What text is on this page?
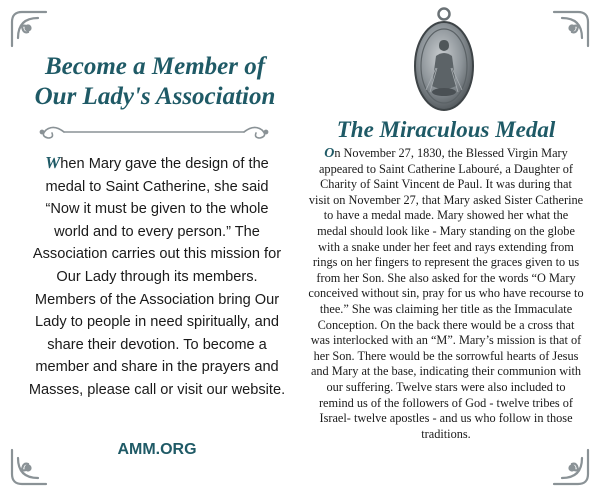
Become a Member of
Our Lady's Association
When Mary gave the design of the medal to Saint Catherine, she said “Now it must be given to the whole world and to every person.” The Association carries out this mission for Our Lady through its members. Members of the Association bring Our Lady to people in need spiritually, and share their devotion. To become a member and share in the prayers and Masses, please call or visit our website.
AMM.ORG
The Miraculous Medal
On November 27, 1830, the Blessed Virgin Mary appeared to Saint Catherine Labouré, a Daughter of Charity of Saint Vincent de Paul. It was during that visit on November 27, that Mary asked Sister Catherine to have a medal made. Mary showed her what the medal should look like - Mary standing on the globe with a snake under her feet and rays extending from rings on her fingers to represent the graces given to us from her Son. She also asked for the words “O Mary conceived without sin, pray for us who have recourse to thee.” She was claiming her title as the Immaculate Conception. On the back there would be a cross that was interlocked with an “M”. Mary’s mission is that of her Son. There would be the sorrowful hearts of Jesus and Mary at the base, indicating their communion with our suffering. Twelve stars were also included to remind us of the followers of God - twelve tribes of Israel- twelve apostles - and us who follow in those traditions.
